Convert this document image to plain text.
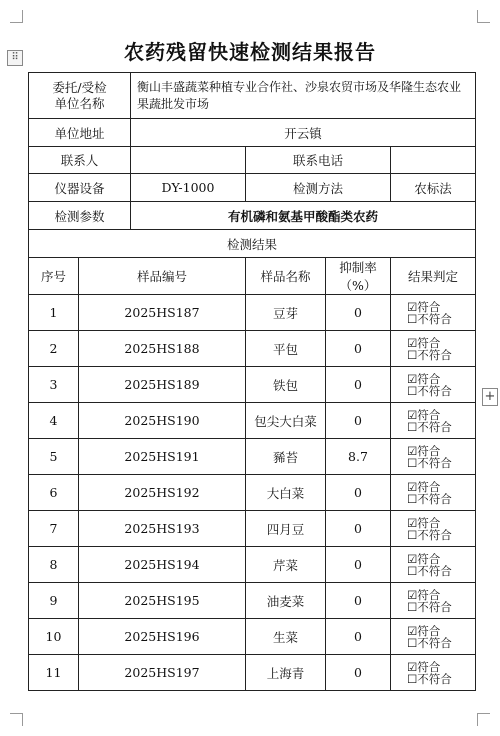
⠿
+
农药残留快速检测结果报告
委托/受检
单位名称		衡山丰盛蔬菜种植专业合作社、沙泉农贸市场及华隆生态农业果蔬批发市场			
单位地址		开云镇			
联系人			联系电话		
仪器设备		DY-1000	检测方法		农标法
检测参数		有机磷和氨基甲酸酯类农药			
检测结果					
序号	样品编号		样品名称	抑制率（%）	结果判定
1	2025HS187		豆芽	0	☑符合
☐不符合

2	2025HS188		平包	0	☑符合
☐不符合

3	2025HS189		铁包	0	☑符合
☐不符合

4	2025HS190		包尖大白菜	0	☑符合
☐不符合

5	2025HS191		豨苔	8.7	☑符合
☐不符合

6	2025HS192		大白菜	0	☑符合
☐不符合

7	2025HS193		四月豆	0	☑符合
☐不符合

8	2025HS194		芹菜	0	☑符合
☐不符合

9	2025HS195		油麦菜	0	☑符合
☐不符合

10	2025HS196		生菜	0	☑符合
☐不符合

11	2025HS197		上海青	0	☑符合
☐不符合
